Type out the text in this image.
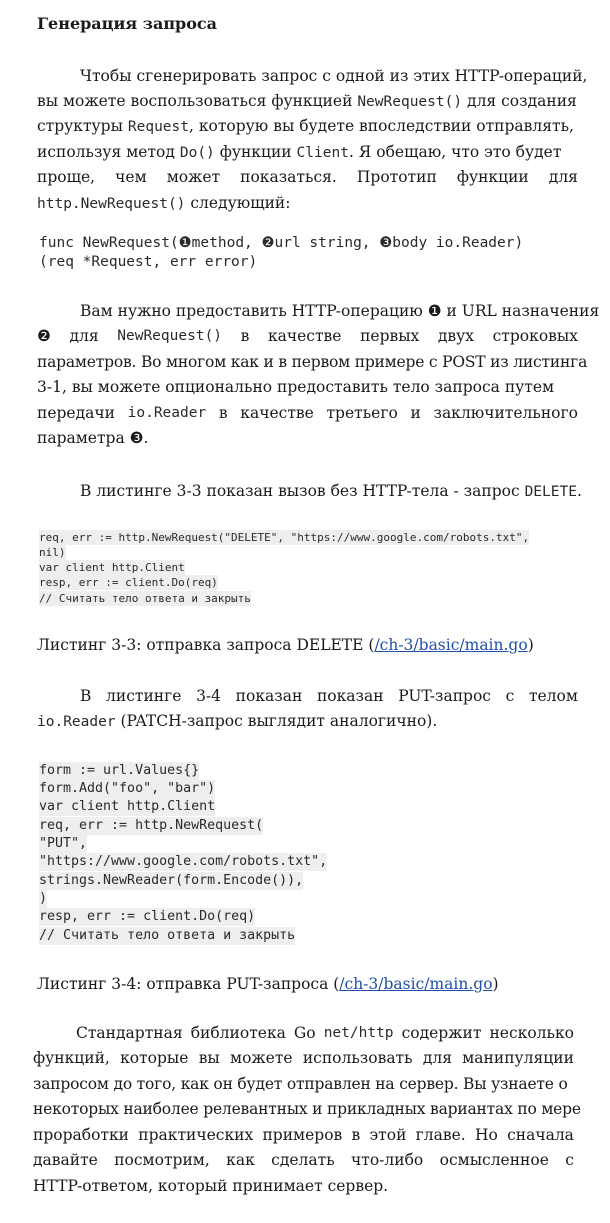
Генерация запроса
Чтобы сгенерировать запрос с одной из этих HTTP-операций,
вы можете воспользоваться функцией NewRequest() для создания
структуры Request, которую вы будете впоследствии отправлять,
используя метод Do() функции Client. Я обещаю, что это будет
проще, чем может показаться. Прототип функции для
http.NewRequest() следующий:
func NewRequest(❶method, ❷url string, ❸body io.Reader)
(req *Request, err error)
Вам нужно предоставить HTTP-операцию ❶ и URL назначения
❷ для NewRequest() в качестве первых двух строковых
параметров. Во многом как и в первом примере с POST из листинга
3-1, вы можете опционально предоставить тело запроса путем
передачи io.Reader в качестве третьего и заключительного
параметра ❸.
В листинге 3-3 показан вызов без HTTP-тела - запрос DELETE.
req, err := http.NewRequest("DELETE", "https://www.google.com/robots.txt",
nil)
var client http.Client
resp, err := client.Do(req)
// Считать тело ответа и закрыть
Листинг 3-3: отправка запроса DELETE (/ch-3/basic/main.go)
В листинге 3-4 показан показан PUT-запрос с телом
io.Reader (PATCH-запрос выглядит аналогично).
form := url.Values{}
form.Add("foo", "bar")
var client http.Client
req, err := http.NewRequest(
"PUT",
"https://www.google.com/robots.txt",
strings.NewReader(form.Encode()),
)
resp, err := client.Do(req)
// Считать тело ответа и закрыть
Листинг 3-4: отправка PUT-запроса (/ch-3/basic/main.go)
Стандартная библиотека Go net/http содержит несколько
функций, которые вы можете использовать для манипуляции
запросом до того, как он будет отправлен на сервер. Вы узнаете о
некоторых наиболее релевантных и прикладных вариантах по мере
проработки практических примеров в этой главе. Но сначала
давайте посмотрим, как сделать что-либо осмысленное с
HTTP-ответом, который принимает сервер.
